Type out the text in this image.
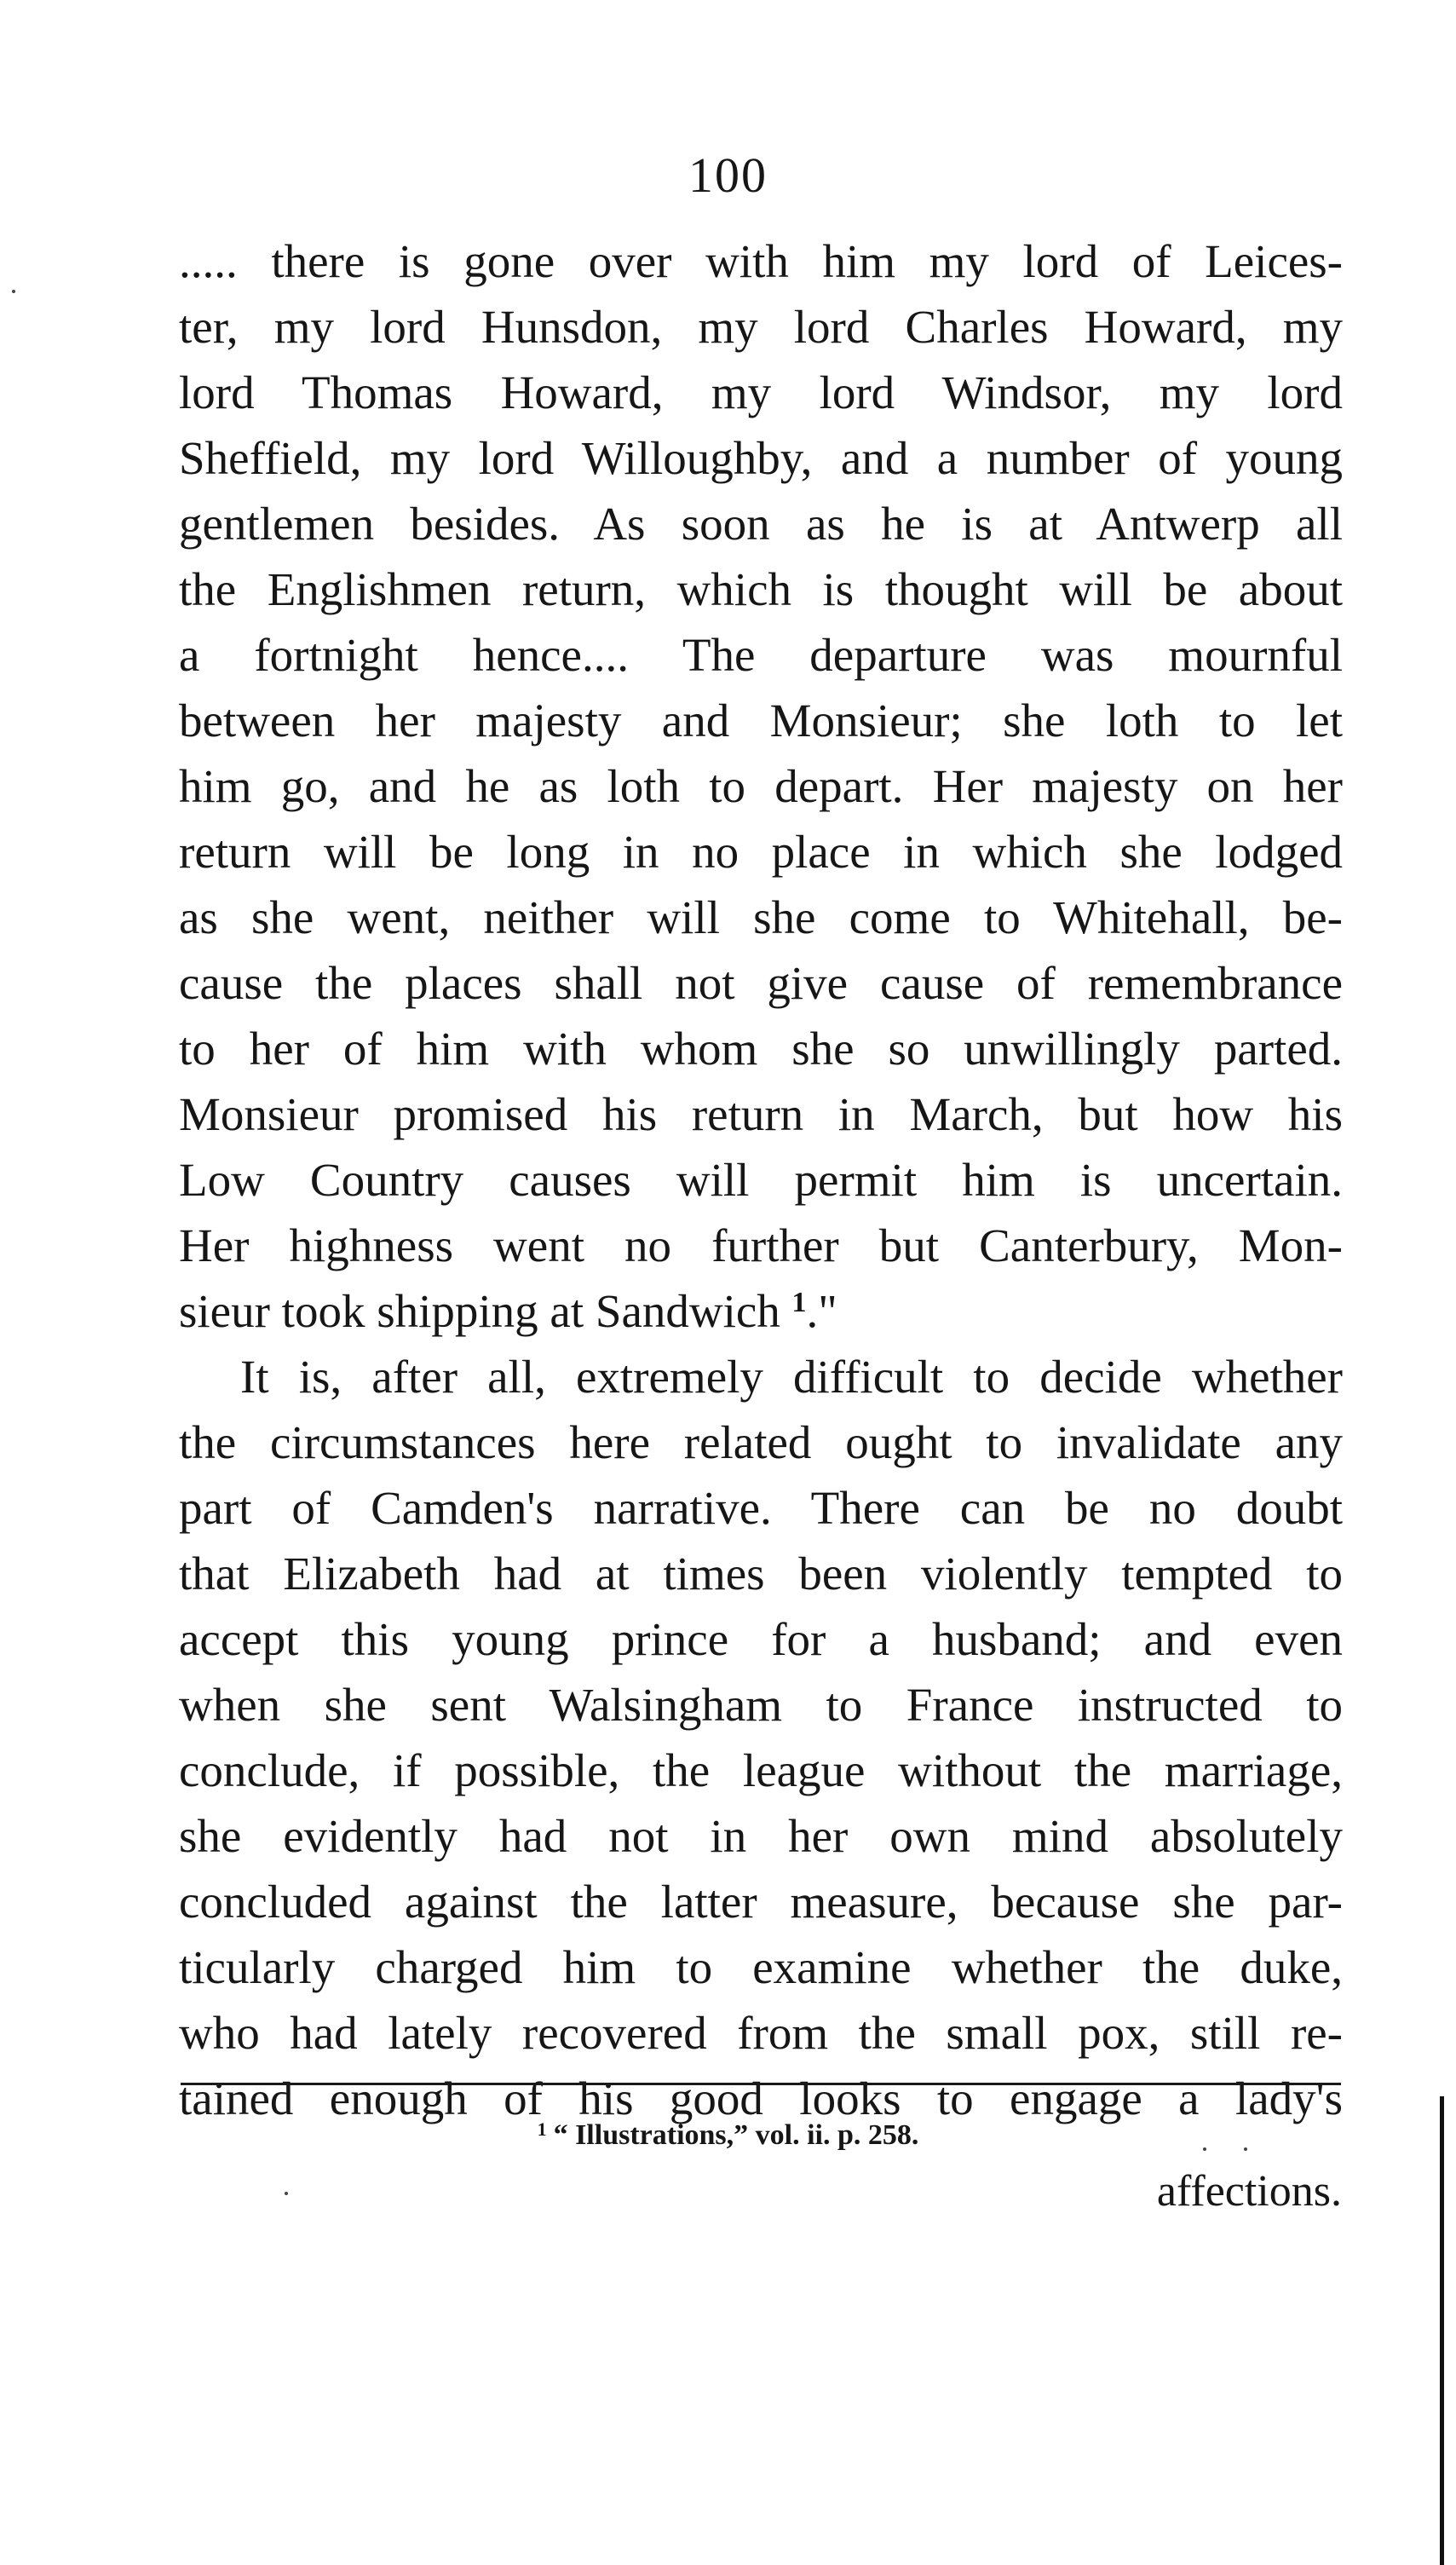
100
..... there is gone over with him my lord of Leices-
ter, my lord Hunsdon, my lord Charles Howard, my
lord Thomas Howard, my lord Windsor, my lord
Sheffield, my lord Willoughby, and a number of young
gentlemen besides. As soon as he is at Antwerp all
the Englishmen return, which is thought will be about
a fortnight hence.... The departure was mournful
between her majesty and Monsieur; she loth to let
him go, and he as loth to depart. Her majesty on her
return will be long in no place in which she lodged
as she went, neither will she come to Whitehall, be-
cause the places shall not give cause of remembrance
to her of him with whom she so unwillingly parted.
Monsieur promised his return in March, but how his
Low Country causes will permit him is uncertain.
Her highness went no further but Canterbury, Mon-
sieur took shipping at Sandwich $^1$."
It is, after all, extremely difficult to decide whether
the circumstances here related ought to invalidate any
part of Camden's narrative. There can be no doubt
that Elizabeth had at times been violently tempted to
accept this young prince for a husband; and even
when she sent Walsingham to France instructed to
conclude, if possible, the league without the marriage,
she evidently had not in her own mind absolutely
concluded against the latter measure, because she par-
ticularly charged him to examine whether the duke,
who had lately recovered from the small pox, still re-
tained enough of his good looks to engage a lady's
$^1$ “ Illustrations,” vol. ii. p. 258.
affections.
